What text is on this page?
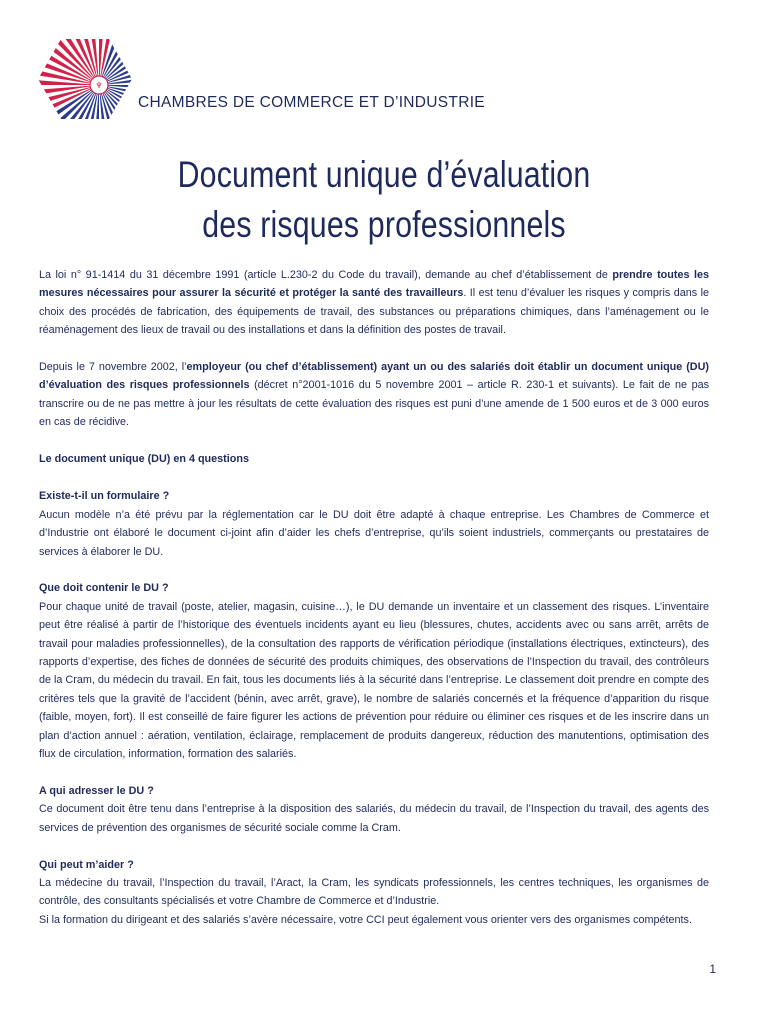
♆
CHAMBRES DE COMMERCE ET D’INDUSTRIE
Document unique d’évaluation
des risques professionnels

La loi n° 91-1414 du 31 décembre 1991 (article L.230-2 du Code du travail), demande au chef d’établissement de prendre toutes les mesures nécessaires pour assurer la sécurité et protéger la santé des travailleurs. Il est tenu d’évaluer les risques y compris dans le choix des procédés de fabrication, des équipements de travail, des substances ou préparations chimiques, dans l’aménagement ou le réaménagement des lieux de travail ou des installations et dans la définition des postes de travail.

Depuis le 7 novembre 2002, l’employeur (ou chef d’établissement) ayant un ou des salariés doit établir un document unique (DU) d’évaluation des risques professionnels (décret n°2001-1016 du 5 novembre 2001 – article R. 230-1 et suivants). Le fait de ne pas transcrire ou de ne pas mettre à jour les résultats de cette évaluation des risques est puni d’une amende de 1 500 euros et de 3 000 euros en cas de récidive.

Le document unique (DU) en 4 questions

Existe-t-il un formulaire ?

Aucun modèle n’a été prévu par la réglementation car le DU doit être adapté à chaque entreprise. Les Chambres de Commerce et d’Industrie ont élaboré le document ci-joint afin d’aider les chefs d’entreprise, qu’ils soient industriels, commerçants ou prestataires de services à élaborer le DU.

Que doit contenir le DU ?

Pour chaque unité de travail (poste, atelier, magasin, cuisine…), le DU demande un inventaire et un classement des risques. L’inventaire peut être réalisé à partir de l’historique des éventuels incidents ayant eu lieu (blessures, chutes, accidents avec ou sans arrêt, arrêts de travail pour maladies professionnelles), de la consultation des rapports de vérification périodique (installations électriques, extincteurs), des rapports d’expertise, des fiches de données de sécurité des produits chimiques, des observations de l’Inspection du travail, des contrôleurs de la Cram, du médecin du travail. En fait, tous les documents liés à la sécurité dans l’entreprise. Le classement doit prendre en compte des critères tels que la gravité de l’accident (bénin, avec arrêt, grave), le nombre de salariés concernés et la fréquence d’apparition du risque (faible, moyen, fort). Il est conseillé de faire figurer les actions de prévention pour réduire ou éliminer ces risques et de les inscrire dans un plan d’action annuel : aération, ventilation, éclairage, remplacement de produits dangereux, réduction des manutentions, optimisation des flux de circulation, information, formation des salariés.

A qui adresser le DU ?

Ce document doit être tenu dans l’entreprise à la disposition des salariés, du médecin du travail, de l’Inspection du travail, des agents des services de prévention des organismes de sécurité sociale comme la Cram.

Qui peut m’aider ?

La médecine du travail, l’Inspection du travail, l’Aract, la Cram, les syndicats professionnels, les centres techniques, les organismes de contrôle, des consultants spécialisés et votre Chambre de Commerce et d’Industrie.

Si la formation du dirigeant et des salariés s’avère nécessaire, votre CCI peut également vous orienter vers des organismes compétents.

1
